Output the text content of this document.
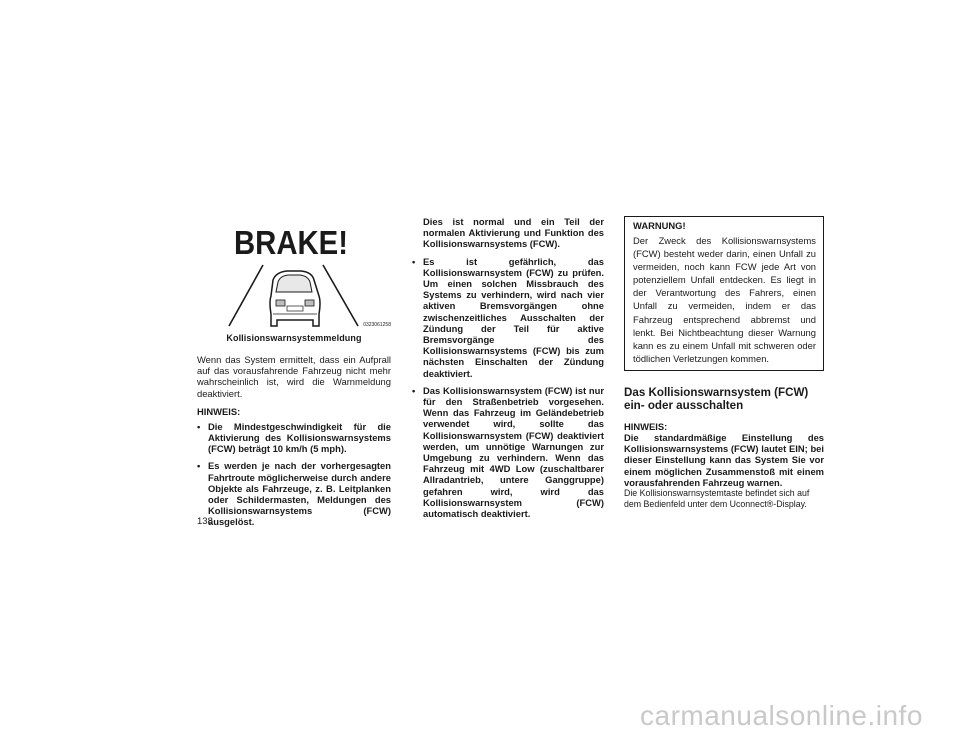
BRAKE!
0323061258
Kollisionswarnsystemmeldung

Wenn das System ermittelt, dass ein Aufprall auf das vorausfahrende Fahrzeug nicht mehr wahrscheinlich ist, wird die Warnmeldung deaktiviert.

HINWEIS:

• Die Mindestgeschwindigkeit für die Aktivierung des Kollisionswarnsystems (FCW) beträgt 10 km/h (5 mph).
• Es werden je nach der vorhergesagten Fahrtroute möglicherweise durch andere Objekte als Fahrzeuge, z. B. Leitplanken oder Schildermasten, Meldungen des Kollisionswarnsystems (FCW) ausgelöst.
138

Dies ist normal und ein Teil der normalen Aktivierung und Funktion des Kollisionswarnsystems (FCW).

• Es ist gefährlich, das Kollisionswarnsystem (FCW) zu prüfen. Um einen solchen Missbrauch des Systems zu verhindern, wird nach vier aktiven Bremsvorgängen ohne zwischenzeitliches Ausschalten der Zündung der Teil für aktive Bremsvorgänge des Kollisionswarnsystems (FCW) bis zum nächsten Einschalten der Zündung deaktiviert.
• Das Kollisionswarnsystem (FCW) ist nur für den Straßenbetrieb vorgesehen. Wenn das Fahrzeug im Geländebetrieb verwendet wird, sollte das Kollisionswarnsystem (FCW) deaktiviert werden, um unnötige Warnungen zur Umgebung zu verhindern. Wenn das Fahrzeug mit 4WD Low (zuschaltbarer Allradantrieb, untere Ganggruppe) gefahren wird, wird das Kollisionswarnsystem (FCW) automatisch deaktiviert.

WARNUNG!

Der Zweck des Kollisionswarnsystems (FCW) besteht weder darin, einen Unfall zu vermeiden, noch kann FCW jede Art von potenziellem Unfall entdecken. Es liegt in der Verantwortung des Fahrers, einen Unfall zu vermeiden, indem er das Fahrzeug entsprechend abbremst und lenkt. Bei Nichtbeachtung dieser Warnung kann es zu einem Unfall mit schweren oder tödlichen Verletzungen kommen.

Das Kollisionswarnsystem (FCW)
ein- oder ausschalten

HINWEIS:

Die standardmäßige Einstellung des Kollisionswarnsystems (FCW) lautet EIN; bei dieser Einstellung kann das System Sie vor einem möglichen Zusammenstoß mit einem vorausfahrenden Fahrzeug warnen.

Die Kollisionswarnsystemtaste befindet sich auf dem Bedienfeld unter dem Uconnect®-Display.

carmanualsonline.info
